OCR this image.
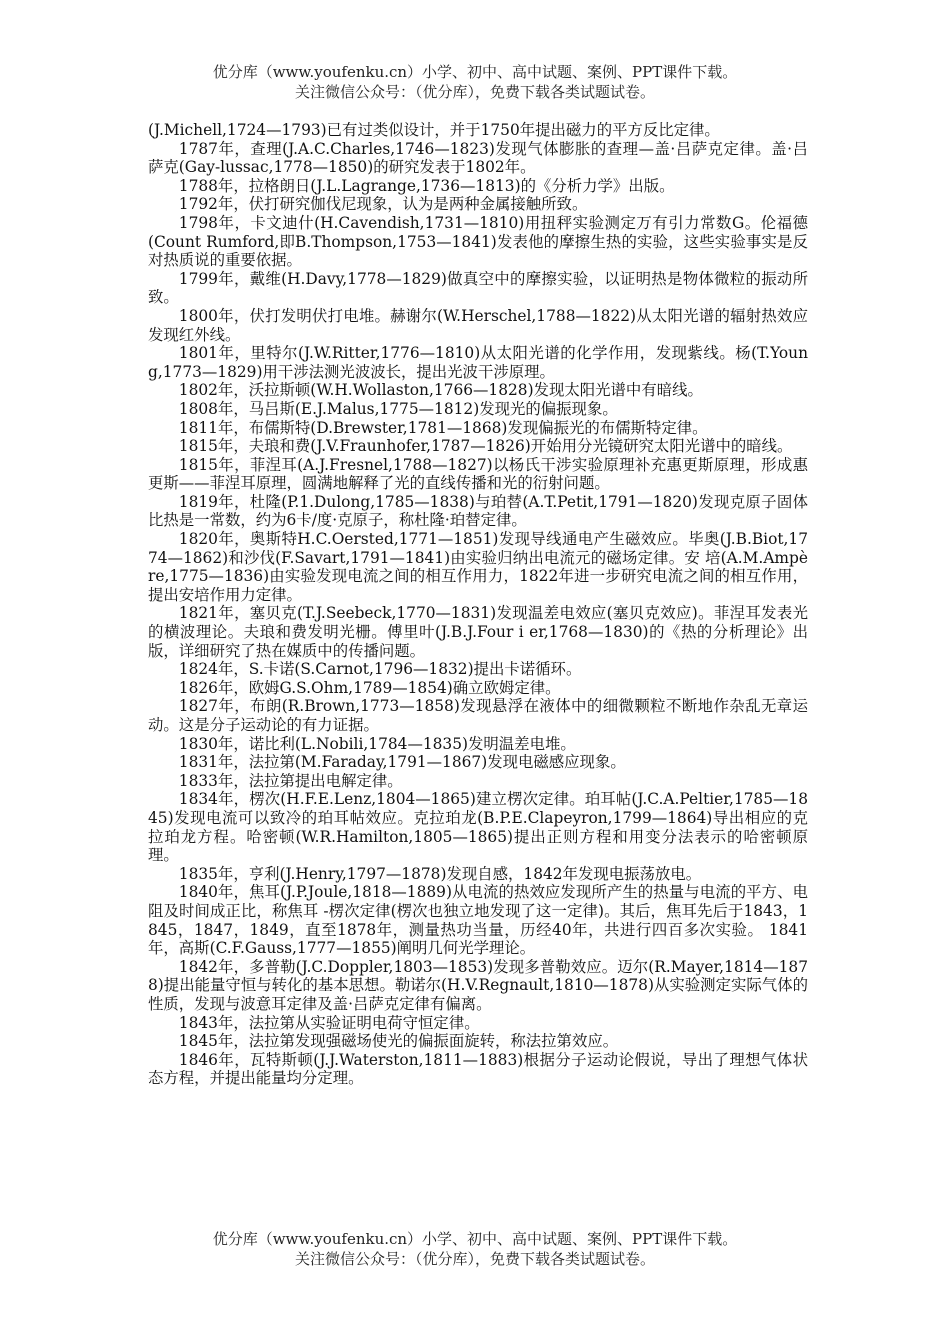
优分库（www.youfenku.cn）小学、初中、高中试题、案例、PPT课件下载。
关注微信公众号：（优分库），免费下载各类试题试卷。

(J.Michell,1724—1793)已有过类似设计，并于1750年提出磁力的平方反比定律。

1787年，查理(J.A.C.Charles,1746—1823)发现气体膨胀的查理—盖·吕萨克定律。盖·吕萨克(Gay-lussac,1778—1850)的研究发表于1802年。

1788年，拉格朗日(J.L.Lagrange,1736—1813)的《分析力学》出版。

1792年，伏打研究伽伐尼现象，认为是两种金属接触所致。

1798年，卡文迪什(H.Cavendish,1731—1810)用扭秤实验测定万有引力常数G。伦福德(Count Rumford,即B.Thompson,1753—1841)发表他的摩擦生热的实验，这些实验事实是反对热质说的重要依据。

1799年，戴维(H.Davy,1778—1829)做真空中的摩擦实验，以证明热是物体微粒的振动所致。

1800年，伏打发明伏打电堆。赫谢尔(W.Herschel,1788—1822)从太阳光谱的辐射热效应发现红外线。

1801年，里特尔(J.W.Ritter,1776—1810)从太阳光谱的化学作用，发现紫线。杨(T.Young,1773—1829)用干涉法测光波波长，提出光波干涉原理。

1802年，沃拉斯顿(W.H.Wollaston,1766—1828)发现太阳光谱中有暗线。

1808年，马吕斯(E.J.Malus,1775—1812)发现光的偏振现象。

1811年，布儒斯特(D.Brewster,1781—1868)发现偏振光的布儒斯特定律。

1815年，夫琅和费(J.V.Fraunhofer,1787—1826)开始用分光镜研究太阳光谱中的暗线。

1815年，菲涅耳(A.J.Fresnel,1788—1827)以杨氏干涉实验原理补充惠更斯原理，形成惠更斯——菲涅耳原理，圆满地解释了光的直线传播和光的衍射问题。

1819年，杜隆(P.1.Dulong,1785—1838)与珀替(A.T.Petit,1791—1820)发现克原子固体比热是一常数，约为6卡/度·克原子，称杜隆·珀替定律。

1820年，奥斯特H.C.Oersted,1771—1851)发现导线通电产生磁效应。毕奥(J.B.Biot,1774—1862)和沙伐(F.Savart,1791—1841)由实验归纳出电流元的磁场定律。安 培(A.M.Ampère,1775—1836)由实验发现电流之间的相互作用力，1822年进一步研究电流之间的相互作用，提出安培作用力定律。

1821年，塞贝克(T.J.Seebeck,1770—1831)发现温差电效应(塞贝克效应)。菲涅耳发表光的横波理论。夫琅和费发明光栅。傅里叶(J.B.J.Four i er,1768—1830)的《热的分析理论》出版，详细研究了热在媒质中的传播问题。

1824年，S.卡诺(S.Carnot,1796—1832)提出卡诺循环。

1826年，欧姆G.S.Ohm,1789—1854)确立欧姆定律。

1827年，布朗(R.Brown,1773—1858)发现悬浮在液体中的细微颗粒不断地作杂乱无章运动。这是分子运动论的有力证据。

1830年，诺比利(L.Nobili,1784—1835)发明温差电堆。

1831年，法拉第(M.Faraday,1791—1867)发现电磁感应现象。

1833年，法拉第提出电解定律。

1834年，楞次(H.F.E.Lenz,1804—1865)建立楞次定律。珀耳帖(J.C.A.Peltier,1785—1845)发现电流可以致冷的珀耳帖效应。克拉珀龙(B.P.E.Clapeyron,1799—1864)导出相应的克拉珀龙方程。哈密顿(W.R.Hamilton,1805—1865)提出正则方程和用变分法表示的哈密顿原理。

1835年，亨利(J.Henry,1797—1878)发现自感，1842年发现电振荡放电。

1840年，焦耳(J.P.Joule,1818—1889)从电流的热效应发现所产生的热量与电流的平方、电阻及时间成正比，称焦耳 -楞次定律(楞次也独立地发现了这一定律)。其后，焦耳先后于1843，1845，1847，1849，直至1878年，测量热功当量，历经40年，共进行四百多次实验。 1841年，高斯(C.F.Gauss,1777—1855)阐明几何光学理论。

1842年，多普勒(J.C.Doppler,1803—1853)发现多普勒效应。迈尔(R.Mayer,1814—1878)提出能量守恒与转化的基本思想。勒诺尔(H.V.Regnault,1810—1878)从实验测定实际气体的性质，发现与波意耳定律及盖·吕萨克定律有偏离。

1843年，法拉第从实验证明电荷守恒定律。

1845年，法拉第发现强磁场使光的偏振面旋转，称法拉第效应。

1846年，瓦特斯顿(J.J.Waterston,1811—1883)根据分子运动论假说，导出了理想气体状态方程，并提出能量均分定理。

优分库（www.youfenku.cn）小学、初中、高中试题、案例、PPT课件下载。
关注微信公众号：（优分库），免费下载各类试题试卷。
